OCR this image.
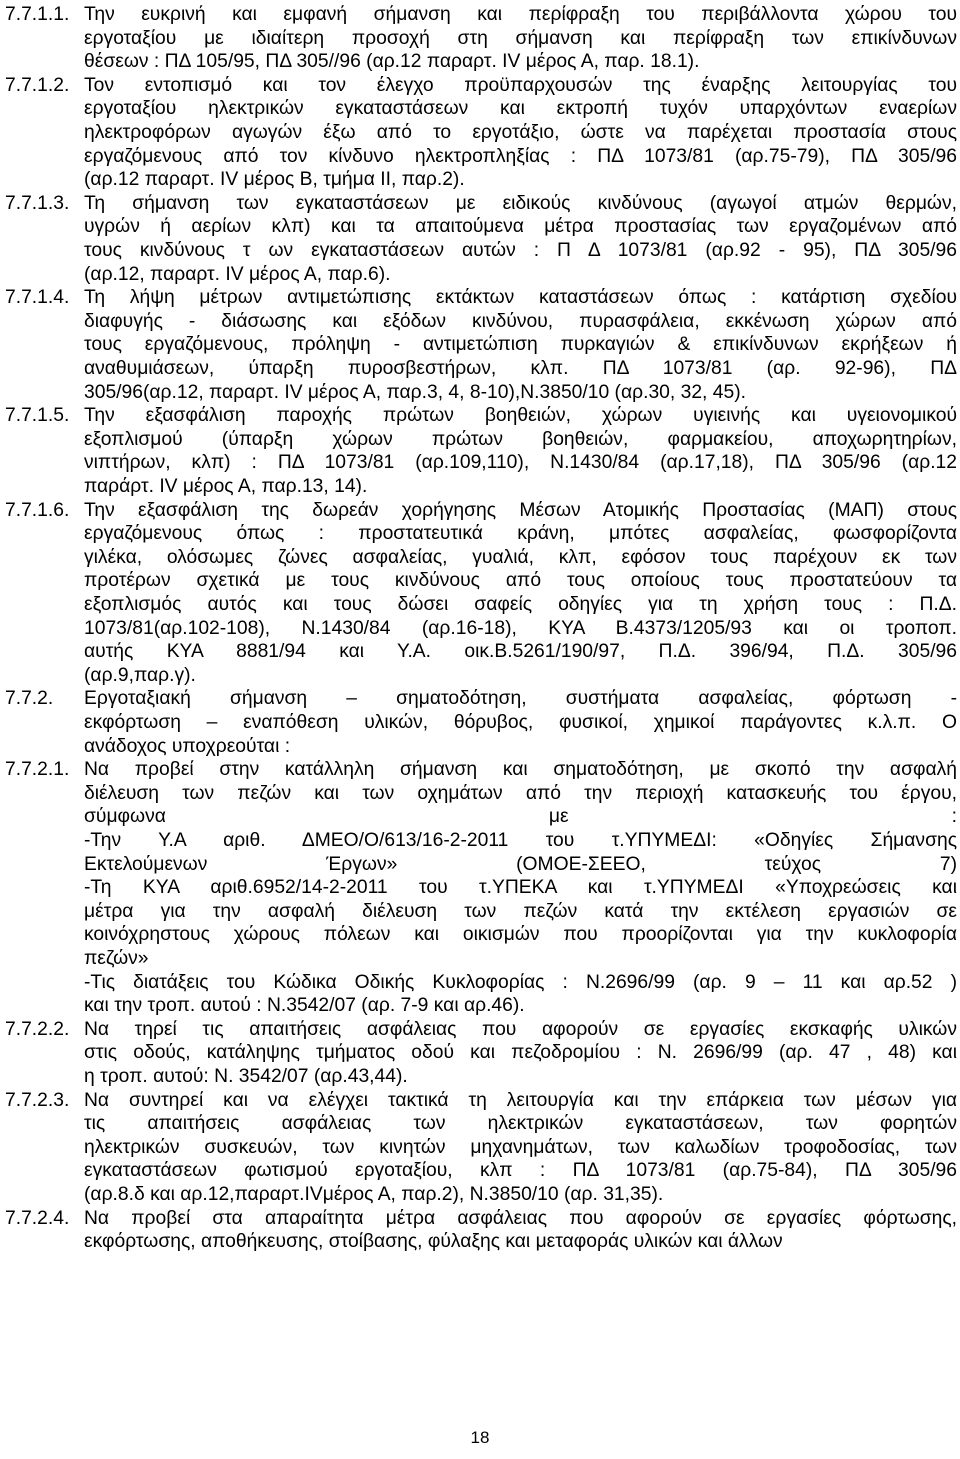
7.7.1.1. Την ευκρινή και εμφανή σήμανση και περίφραξη του περιβάλλοντα χώρου του
εργοταξίου με ιδιαίτερη προσοχή στη σήμανση και περίφραξη των επικίνδυνων
θέσεων : ΠΔ 105/95, ΠΔ 305//96 (αρ.12 παραρτ. IV μέρος Α, παρ. 18.1).
7.7.1.2. Τον εντοπισμό και τον έλεγχο προϋπαρχουσών της έναρξης λειτουργίας του
εργοταξίου ηλεκτρικών εγκαταστάσεων και εκτροπή τυχόν υπαρχόντων εναερίων
ηλεκτροφόρων αγωγών έξω από το εργοτάξιο, ώστε να παρέχεται προστασία στους
εργαζόμενους από τον κίνδυνο ηλεκτροπληξίας : ΠΔ 1073/81 (αρ.75-79), ΠΔ 305/96
(αρ.12 παραρτ. IV μέρος Β, τμήμα ΙΙ, παρ.2).
7.7.1.3. Τη σήμανση των εγκαταστάσεων με ειδικούς κινδύνους (αγωγοί ατμών θερμών,
υγρών ή αερίων κλπ) και τα απαιτούμενα μέτρα προστασίας των εργαζομένων από
τους κινδύνους τ ων εγκαταστάσεων αυτών : Π Δ 1073/81 (αρ.92 - 95), ΠΔ 305/96
(αρ.12, παραρτ. IV μέρος Α, παρ.6).
7.7.1.4. Τη λήψη μέτρων αντιμετώπισης εκτάκτων καταστάσεων όπως : κατάρτιση σχεδίου
διαφυγής - διάσωσης και εξόδων κινδύνου, πυρασφάλεια, εκκένωση χώρων από
τους εργαζόμενους, πρόληψη - αντιμετώπιση πυρκαγιών & επικίνδυνων εκρήξεων ή
αναθυμιάσεων, ύπαρξη πυροσβεστήρων, κλπ. ΠΔ 1073/81 (αρ. 92-96), ΠΔ
305/96(αρ.12, παραρτ. IV μέρος Α, παρ.3, 4, 8-10),Ν.3850/10 (αρ.30, 32, 45).
7.7.1.5. Την εξασφάλιση παροχής πρώτων βοηθειών, χώρων υγιεινής και υγειονομικού
εξοπλισμού (ύπαρξη χώρων πρώτων βοηθειών, φαρμακείου, αποχωρητηρίων,
νιπτήρων, κλπ) : ΠΔ 1073/81 (αρ.109,110), Ν.1430/84 (αρ.17,18), ΠΔ 305/96 (αρ.12
παράρτ. IV μέρος Α, παρ.13, 14).
7.7.1.6. Την εξασφάλιση της δωρεάν χορήγησης Μέσων Ατομικής Προστασίας (ΜΑΠ) στους
εργαζόμενους όπως : προστατευτικά κράνη, μπότες ασφαλείας, φωσφορίζοντα
γιλέκα, ολόσωμες ζώνες ασφαλείας, γυαλιά, κλπ, εφόσον τους παρέχουν εκ των
προτέρων σχετικά με τους κινδύνους από τους οποίους τους προστατεύουν τα
εξοπλισμός αυτός και τους δώσει σαφείς οδηγίες για τη χρήση τους : Π.Δ.
1073/81(αρ.102-108), Ν.1430/84 (αρ.16-18), ΚΥΑ Β.4373/1205/93 και οι τροποπ.
αυτής ΚΥΑ 8881/94 και Υ.Α. οικ.Β.5261/190/97, Π.Δ. 396/94, Π.Δ. 305/96
(αρ.9,παρ.γ).
7.7.2. Εργοταξιακή σήμανση – σηματοδότηση, συστήματα ασφαλείας, φόρτωση -
εκφόρτωση – εναπόθεση υλικών, θόρυβος, φυσικοί, χημικοί παράγοντες κ.λ.π. Ο
ανάδοχος υποχρεούται :
7.7.2.1. Να προβεί στην κατάλληλη σήμανση και σηματοδότηση, με σκοπό την ασφαλή
διέλευση των πεζών και των οχημάτων από την περιοχή κατασκευής του έργου,
σύμφωνα με :
-Την Υ.Α αριθ. ΔΜΕΟ/Ο/613/16-2-2011 του τ.ΥΠΥΜΕΔΙ: «Οδηγίες Σήμανσης
Εκτελούμενων Έργων» (ΟΜΟΕ-ΣΕΕΟ, τεύχος 7)
-Τη ΚΥΑ αριθ.6952/14-2-2011 του τ.ΥΠΕΚΑ και τ.ΥΠΥΜΕΔΙ «Υποχρεώσεις και
μέτρα για την ασφαλή διέλευση των πεζών κατά την εκτέλεση εργασιών σε
κοινόχρηστους χώρους πόλεων και οικισμών που προορίζονται για την κυκλοφορία
πεζών»
-Τις διατάξεις του Κώδικα Οδικής Κυκλοφορίας : Ν.2696/99 (αρ. 9 – 11 και αρ.52 )
και την τροπ. αυτού : Ν.3542/07 (αρ. 7-9 και αρ.46).
7.7.2.2. Να τηρεί τις απαιτήσεις ασφάλειας που αφορούν σε εργασίες εκσκαφής υλικών
στις οδούς, κατάληψης τμήματος οδού και πεζοδρομίου : Ν. 2696/99 (αρ. 47 , 48) και
η τροπ. αυτού: Ν. 3542/07 (αρ.43,44).
7.7.2.3. Να συντηρεί και να ελέγχει τακτικά τη λειτουργία και την επάρκεια των μέσων για
τις απαιτήσεις ασφάλειας των ηλεκτρικών εγκαταστάσεων, των φορητών
ηλεκτρικών συσκευών, των κινητών μηχανημάτων, των καλωδίων τροφοδοσίας, των
εγκαταστάσεων φωτισμού εργοταξίου, κλπ : ΠΔ 1073/81 (αρ.75-84), ΠΔ 305/96
(αρ.8.δ και αρ.12,παραρτ.IVμέρος Α, παρ.2), Ν.3850/10 (αρ. 31,35).
7.7.2.4. Να προβεί στα απαραίτητα μέτρα ασφάλειας που αφορούν σε εργασίες φόρτωσης,
εκφόρτωσης, αποθήκευσης, στοίβασης, φύλαξης και μεταφοράς υλικών και άλλων
18
